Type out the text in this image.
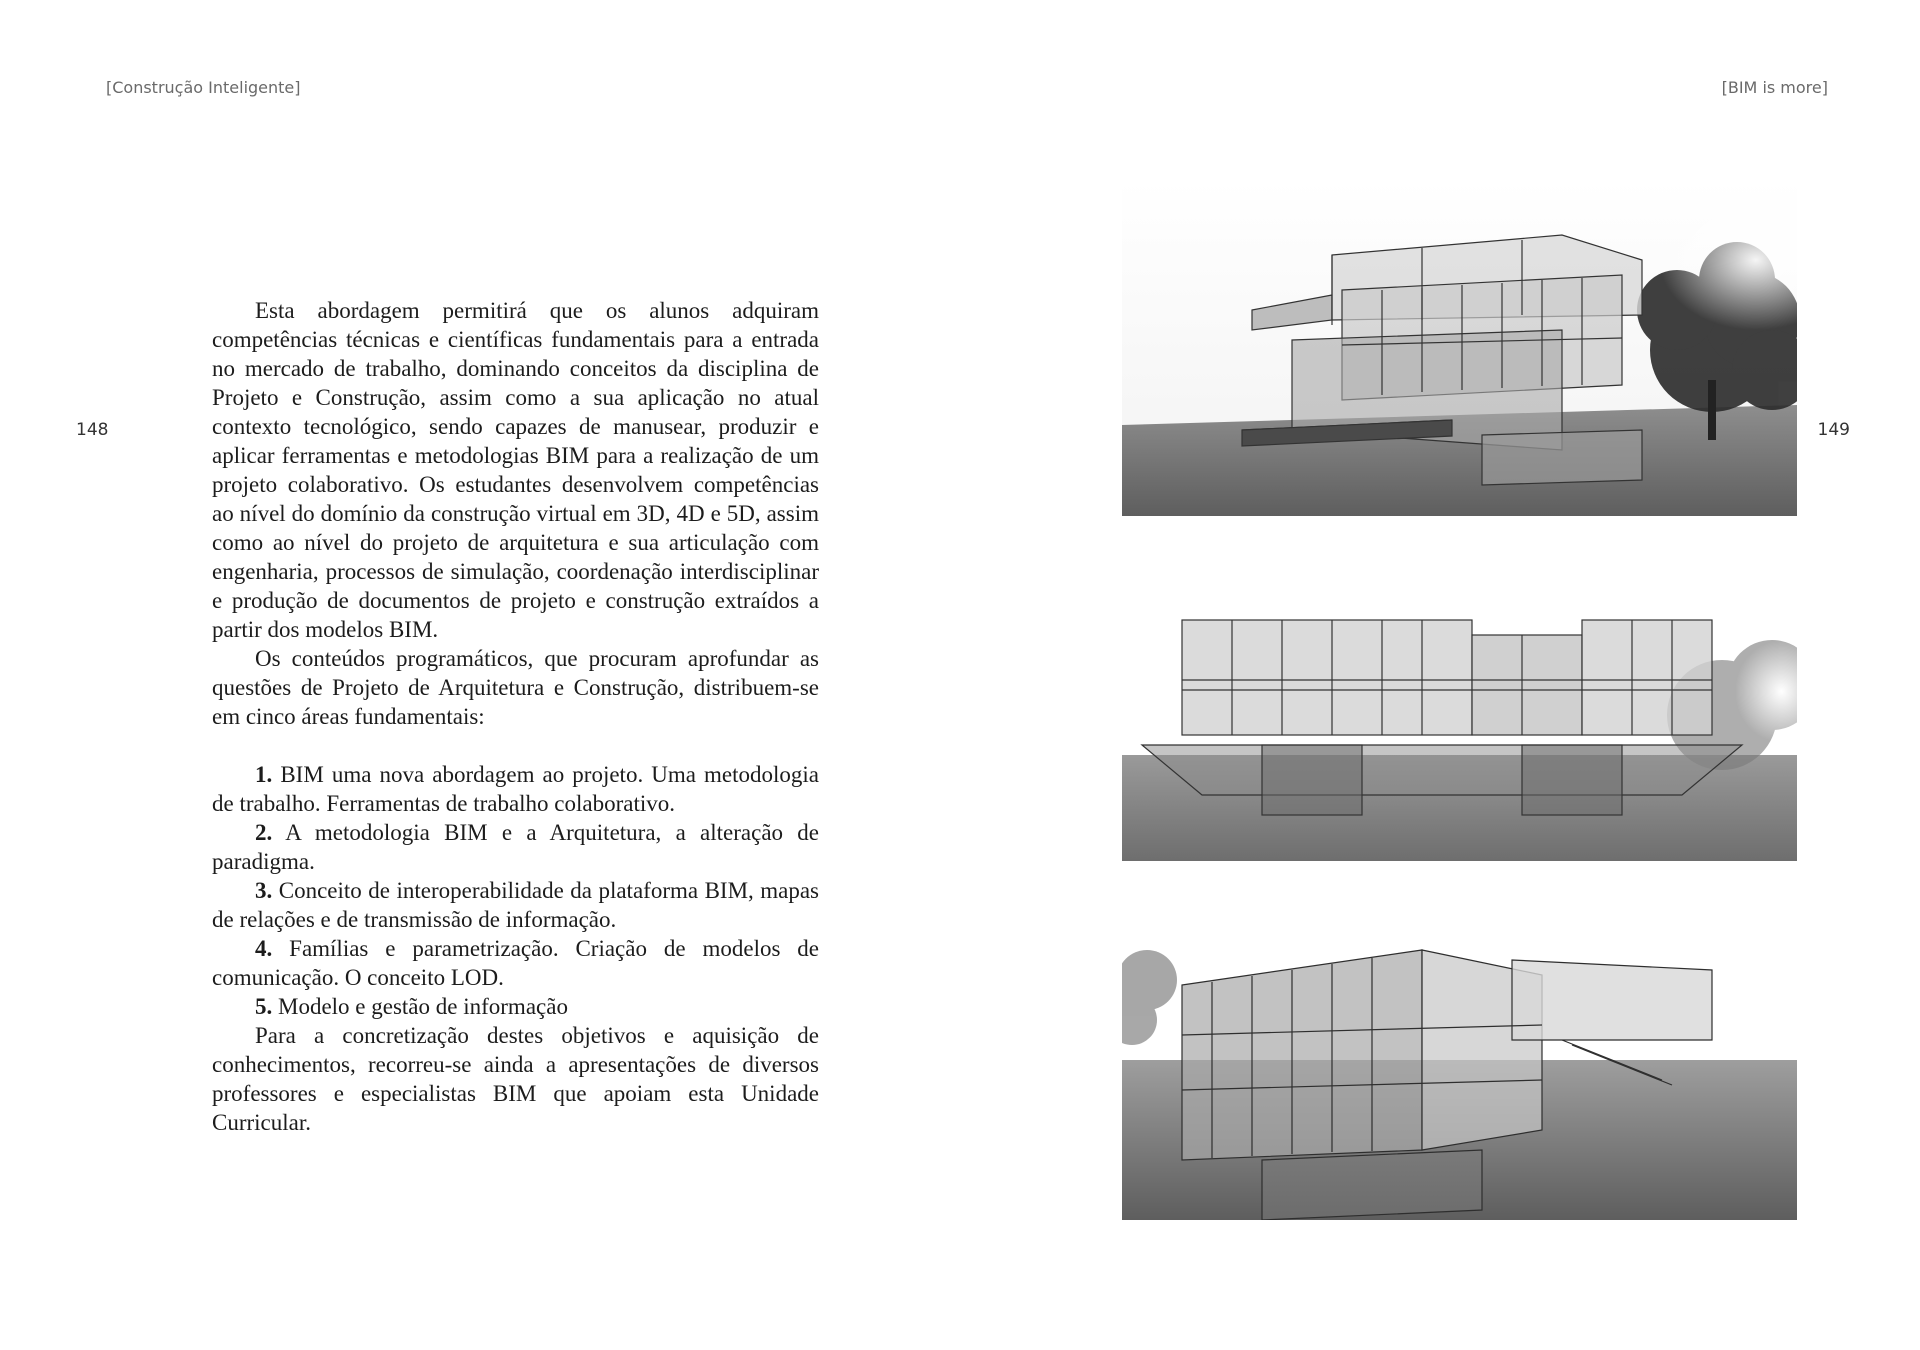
[Construção Inteligente]	[BIM is more]
148	149

Esta abordagem permitirá que os alunos adquiram competências técnicas e científicas fundamentais para a entrada no mercado de trabalho, dominando conceitos da disciplina de Projeto e Construção, assim como a sua aplicação no atual contexto tecnológico, sendo capazes de manusear, produzir e aplicar ferramentas e metodologias BIM para a realização de um projeto colaborativo. Os estudantes desenvolvem competências ao nível do domínio da construção virtual em 3D, 4D e 5D, assim como ao nível do projeto de arquitetura e sua articulação com engenharia, processos de simulação, coordenação interdisciplinar e produção de documentos de projeto e construção extraídos a partir dos modelos BIM.

Os conteúdos programáticos, que procuram aprofundar as questões de Projeto de Arquitetura e Construção, distribuem-se em cinco áreas fundamentais:

1. BIM uma nova abordagem ao projeto. Uma metodologia de trabalho. Ferramentas de trabalho colaborativo.

2. A metodologia BIM e a Arquitetura, a alteração de paradigma.

3. Conceito de interoperabilidade da plataforma BIM, mapas de relações e de transmissão de informação.

4. Famílias e parametrização. Criação de modelos de comunicação. O conceito LOD.

5. Modelo e gestão de informação

Para a concretização destes objetivos e aquisição de conhecimentos, recorreu-se ainda a apresentações de diversos professores e especialistas BIM que apoiam esta Unidade Curricular.
